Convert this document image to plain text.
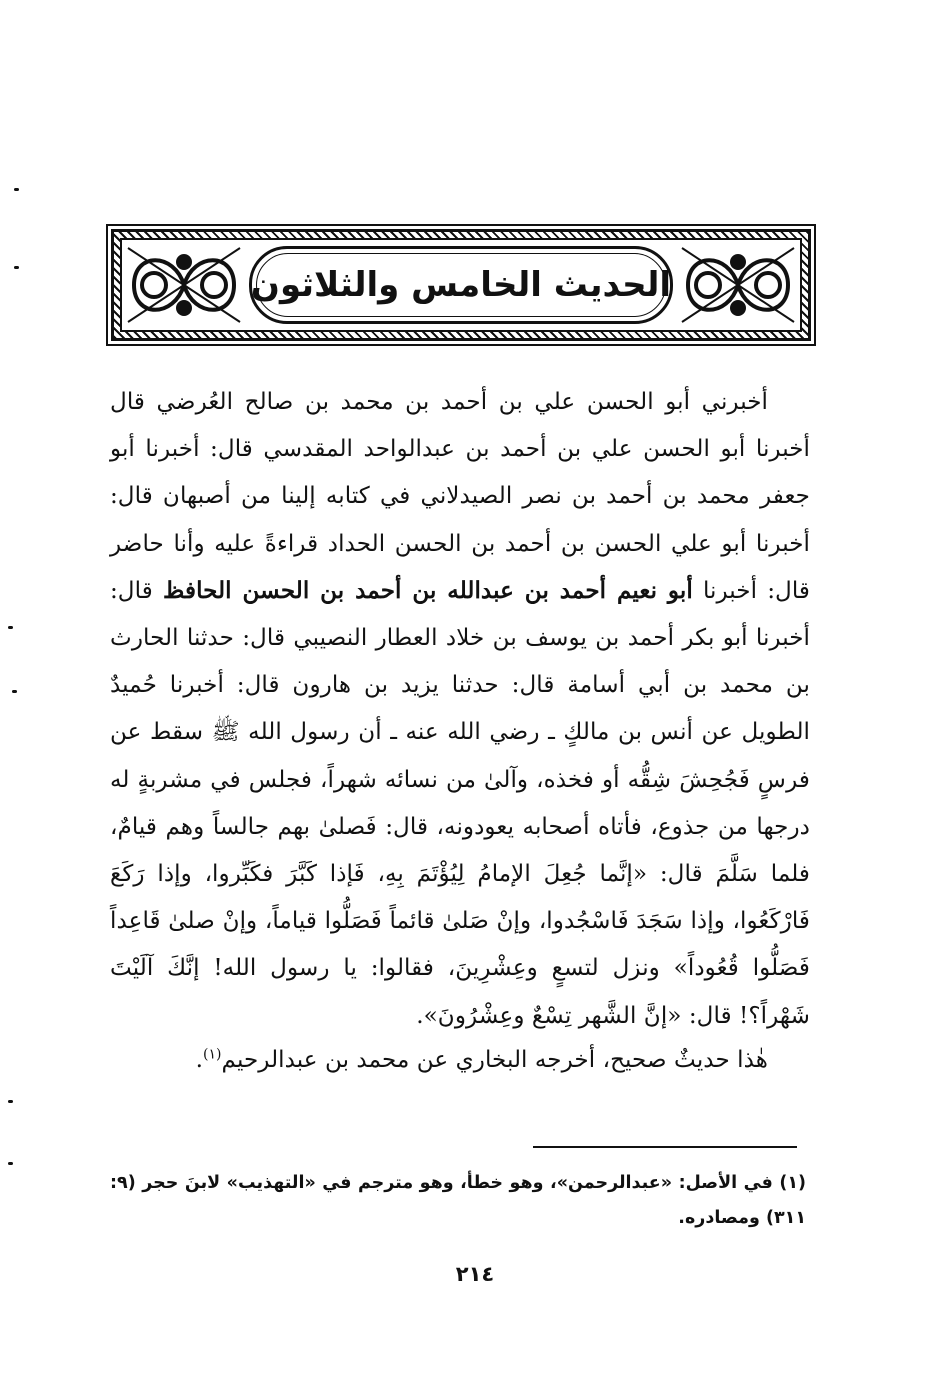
الحديث الخامس والثلاثون
أخبرني أبو الحسن علي بن أحمد بن محمد بن صالح العُرضي قال أخبرنا أبو الحسن علي بن أحمد بن عبدالواحد المقدسي قال: أخبرنا أبو جعفر محمد بن أحمد بن نصر الصيدلاني في كتابه إلينا من أصبهان قال: أخبرنا أبو علي الحسن بن أحمد بن الحسن الحداد قراءةً عليه وأنا حاضر قال: أخبرنا أبو نعيم أحمد بن عبدالله بن أحمد بن الحسن الحافظ قال: أخبرنا أبو بكر أحمد بن يوسف بن خلاد العطار النصيبي قال: حدثنا الحارث بن محمد بن أبي أسامة قال: حدثنا يزيد بن هارون قال: أخبرنا حُميدٌ الطويل عن أنس بن مالكٍ ـ رضي الله عنه ـ أن رسول الله ﷺ سقط عن فرسٍ فَجُحِشَ شِقُّه أو فخذه، وآلىٰ من نسائه شهراً، فجلس في مشربةٍ له درجها من جذوع، فأتاه أصحابه يعودونه، قال: فَصلىٰ بهم جالساً وهم قيامٌ، فلما سَلَّمَ قال: «إنَّما جُعِلَ الإمامُ لِيُؤْتَمَ بِهِ، فَإذا كَبَّرَ فكَبِّروا، وإذا رَكَعَ فَارْكَعُوا، وإذا سَجَدَ فَاسْجُدوا، وإنْ صَلىٰ قائماً فَصَلُّوا قياماً، وإنْ صلىٰ قَاعِداً فَصَلُّوا قُعُوداً» ونزل لتسعٍ وعِشْرِينَ، فقالوا: يا رسول الله! إنَّكَ آلَيْتَ شَهْراً؟! قال: «إنَّ الشَّهر تِسْعٌ وعِشْرُونَ».
هٰذا حديثٌ صحيح، أخرجه البخاري عن محمد بن عبدالرحيم$^{(١)}$.
(١) في الأصل: «عبدالرحمن»، وهو خطأ، وهو مترجم في «التهذيب» لابنَ حجر (٩: ٣١١) ومصادره.
٢١٤
